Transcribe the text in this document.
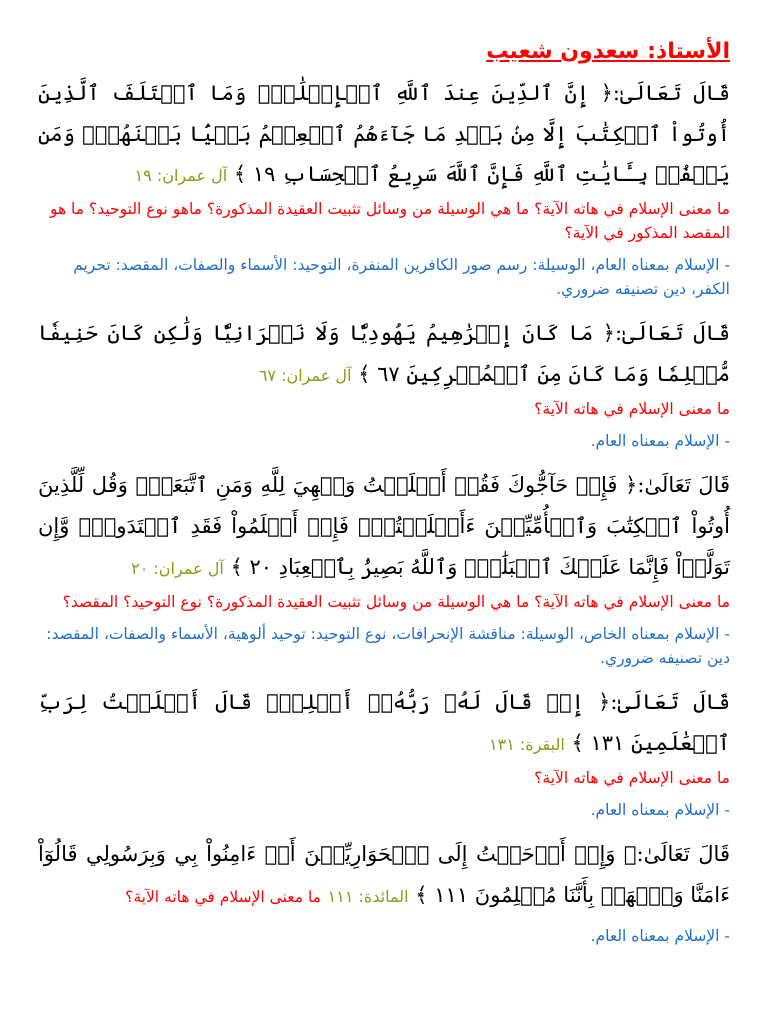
الأستاذ: سعدون شعيب
قَالَ تَعَالَىٰ:﴿ إِنَّ ٱلدِّينَ عِندَ ٱللَّهِ ٱلۡإِسۡلَٰمُۗ وَمَا ٱخۡتَلَفَ ٱلَّذِينَ أُوتُواْ ٱلۡكِتَٰبَ إِلَّا مِنۢ بَعۡدِ مَا جَآءَهُمُ ٱلۡعِلۡمُ بَغۡيَۢا بَيۡنَهُمۡۗ وَمَن يَكۡفُرۡ بِـَٔايَٰتِ ٱللَّهِ فَإِنَّ ٱللَّهَ سَرِيعُ ٱلۡحِسَابِ ١٩ ﴾ آل عمران: ١٩
ما معنى الإسلام في هاته الآية؟ ما هي الوسيلة من وسائل تثبيت العقيدة المذكورة؟ ماهو نوع التوحيد؟ ما هو المقصد المذكور في الآية؟
- الإسلام بمعناه العام، الوسيلة: رسم صور الكافرين المنفرة، التوحيد: الأسماء والصفات، المقصد: تحريم الكفر، دين تصنيفه ضروري.
قَالَ تَعَالَىٰ:﴿ مَا كَانَ إِبۡرَٰهِيمُ يَهُودِيّٗا وَلَا نَصۡرَانِيّٗا وَلَٰكِن كَانَ حَنِيفٗا مُّسۡلِمٗا وَمَا كَانَ مِنَ ٱلۡمُشۡرِكِينَ ٦٧ ﴾ آل عمران: ٦٧
ما معنى الإسلام في هاته الآية؟
- الإسلام بمعناه العام.
قَالَ تَعَالَىٰ:﴿ فَإِنۡ حَآجُّوكَ فَقُلۡ أَسۡلَمۡتُ وَجۡهِيَ لِلَّهِ وَمَنِ ٱتَّبَعَنِۗ وَقُل لِّلَّذِينَ أُوتُواْ ٱلۡكِتَٰبَ وَٱلۡأُمِّيِّـۧنَ ءَأَسۡلَمۡتُمۡۚ فَإِنۡ أَسۡلَمُواْ فَقَدِ ٱهۡتَدَواْۖ وَّإِن تَوَلَّوۡاْ فَإِنَّمَا عَلَيۡكَ ٱلۡبَلَٰغُۗ وَٱللَّهُ بَصِيرُۢ بِٱلۡعِبَادِ ٢٠ ﴾ آل عمران: ٢٠
ما معنى الإسلام في هاته الآية؟ ما هي الوسيلة من وسائل تثبيت العقيدة المذكورة؟ نوع التوحيد؟ المقصد؟
- الإسلام بمعناه الخاص، الوسيلة: مناقشة الإنحرافات، نوع التوحيد: توحيد ألوهية، الأسماء والصفات، المقصد: دين تصنيفه ضروري.
قَالَ تَعَالَىٰ:﴿ إِذۡ قَالَ لَهُۥ رَبُّهُۥٓ أَسۡلِمۡۖ قَالَ أَسۡلَمۡتُ لِرَبِّ ٱلۡعَٰلَمِينَ ١٣١ ﴾ البقرة: ١٣١
ما معنى الإسلام في هاته الآية؟
- الإسلام بمعناه العام.
قَالَ تَعَالَىٰ:﴿ وَإِذۡ أَوۡحَيۡتُ إِلَى ٱلۡحَوَارِيِّـۧنَ أَنۡ ءَامِنُواْ بِي وَبِرَسُولِي قَالُوٓاْ ءَامَنَّا وَٱشۡهَدۡ بِأَنَّنَا مُسۡلِمُونَ ١١١ ﴾ المائدة: ١١١ ما معنى الإسلام في هاته الآية؟
- الإسلام بمعناه العام.
